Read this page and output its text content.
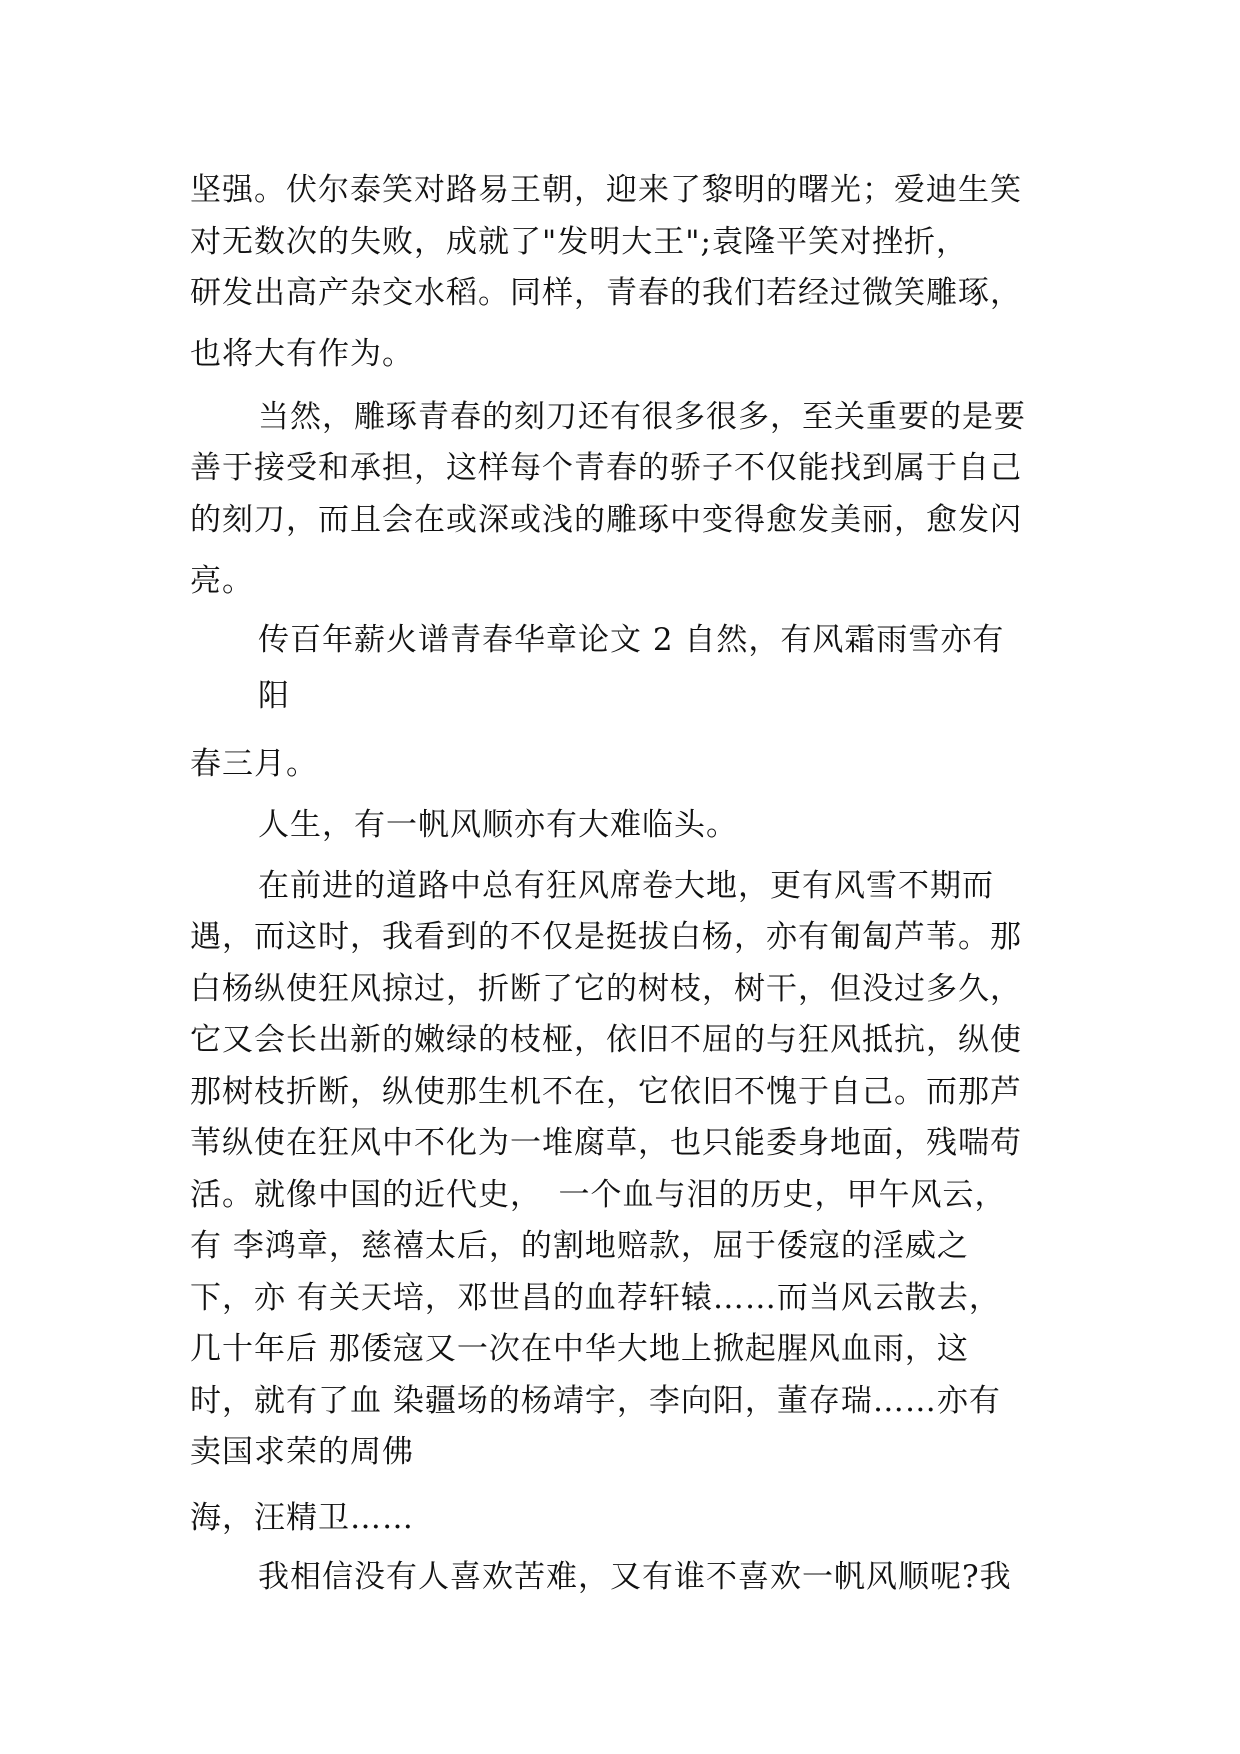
坚强。伏尔泰笑对路易王朝，迎来了黎明的曙光；爱迪生笑
对无数次的失败，成就了"发明大王";袁隆平笑对挫折，
研发出高产杂交水稻。同样，青春的我们若经过微笑雕琢，
也将大有作为。
当然，雕琢青春的刻刀还有很多很多，至关重要的是要
善于接受和承担，这样每个青春的骄子不仅能找到属于自己
的刻刀，而且会在或深或浅的雕琢中变得愈发美丽，愈发闪
亮。
传百年薪火谱青春华章论文 2 自然，有风霜雨雪亦有
阳
春三月。
人生，有一帆风顺亦有大难临头。
在前进的道路中总有狂风席卷大地，更有风雪不期而
遇，而这时，我看到的不仅是挺拔白杨，亦有匍匐芦苇。那
白杨纵使狂风掠过，折断了它的树枝，树干，但没过多久，
它又会长出新的嫩绿的枝桠，依旧不屈的与狂风抵抗，纵使
那树枝折断，纵使那生机不在，它依旧不愧于自己。而那芦
苇纵使在狂风中不化为一堆腐草，也只能委身地面，残喘苟
活。就像中国的近代史，　一个血与泪的历史，甲午风云，
有 李鸿章，慈禧太后，的割地赔款，屈于倭寇的淫威之
下，亦 有关天培，邓世昌的血荐轩辕……而当风云散去，
几十年后 那倭寇又一次在中华大地上掀起腥风血雨，这
时，就有了血 染疆场的杨靖宇，李向阳，董存瑞……亦有
卖国求荣的周佛
海，汪精卫……
我相信没有人喜欢苦难，又有谁不喜欢一帆风顺呢?我
